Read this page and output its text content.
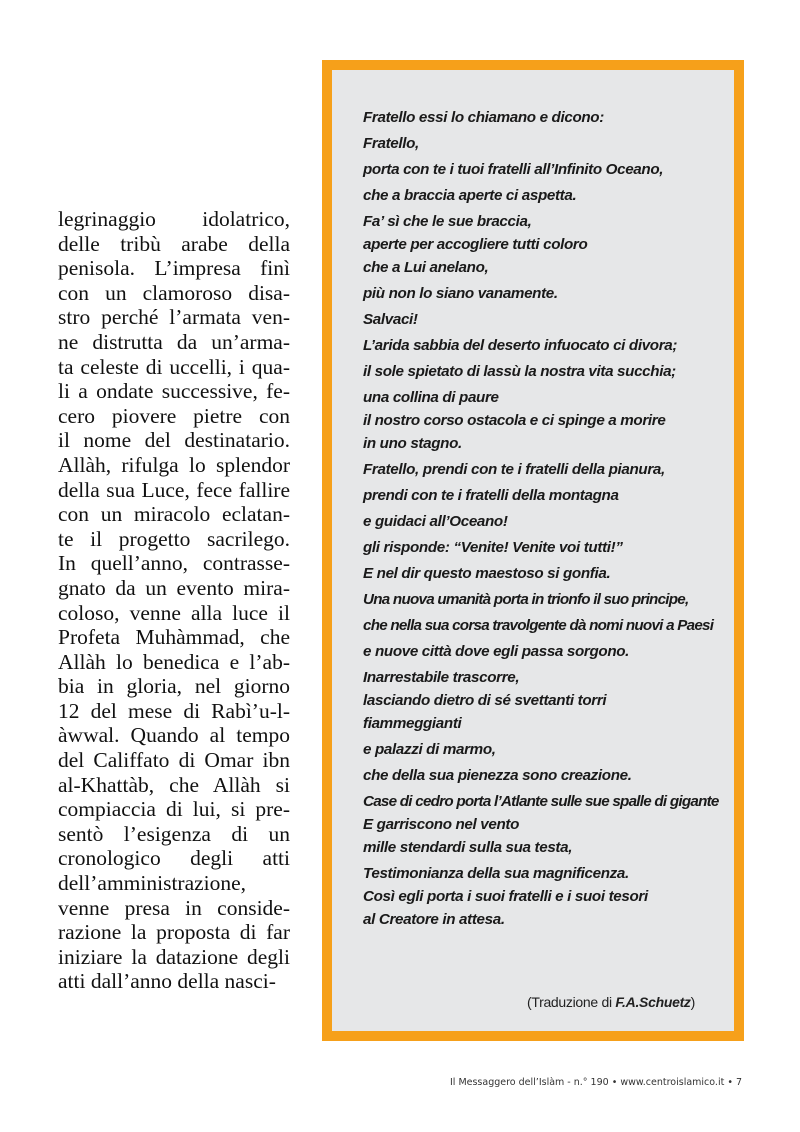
legrinaggio idolatrico,
delle tribù arabe della
penisola. L’impresa finì
con un clamoroso disa-
stro perché l’armata ven-
ne distrutta da un’arma-
ta celeste di uccelli, i qua-
li a ondate successive, fe-
cero piovere pietre con
il nome del destinatario.
Allàh, rifulga lo splendor
della sua Luce, fece fallire
con un miracolo eclatan-
te il progetto sacrilego.
In quell’anno, contrasse-
gnato da un evento mira-
coloso, venne alla luce il
Profeta Muhàmmad, che
Allàh lo benedica e l’ab-
bia in gloria, nel giorno
12 del mese di Rabì’u-l-
àwwal. Quando al tempo
del Califfato di Omar ibn
al-Khattàb, che Allàh si
compiaccia di lui, si pre-
sentò l’esigenza di un
cronologico degli atti
dell’amministrazione,
venne presa in conside-
razione la proposta di far
iniziare la datazione degli
atti dall’anno della nasci-
Fratello essi lo chiamano e dicono:
Fratello,
porta con te i tuoi fratelli all’Infinito Oceano,
che a braccia aperte ci aspetta.
Fa’ sì che le sue braccia,
aperte per accogliere tutti coloro
che a Lui anelano,
più non lo siano vanamente.
Salvaci!
L’arida sabbia del deserto infuocato ci divora;
il sole spietato di lassù la nostra vita succhia;
una collina di paure
il nostro corso ostacola e ci spinge a morire
in uno stagno.
Fratello, prendi con te i fratelli della pianura,
prendi con te i fratelli della montagna
e guidaci all’Oceano!
gli risponde: “Venite! Venite voi tutti!”
E nel dir questo maestoso si gonfia.
Una nuova umanità porta in trionfo il suo principe,
che nella sua corsa travolgente dà nomi nuovi a Paesi
e nuove città dove egli passa sorgono.
Inarrestabile trascorre,
lasciando dietro di sé svettanti torri
fiammeggianti
e palazzi di marmo,
che della sua pienezza sono creazione.
Case di cedro porta l’Atlante sulle sue spalle di gigante
E garriscono nel vento
mille stendardi sulla sua testa,
Testimonianza della sua magnificenza.
Così egli porta i suoi fratelli e i suoi tesori
al Creatore in attesa.
(Traduzione di F.A.Schuetz)
Il Messaggero dell’Islàm - n.° 190 • www.centroislamico.it • 7
